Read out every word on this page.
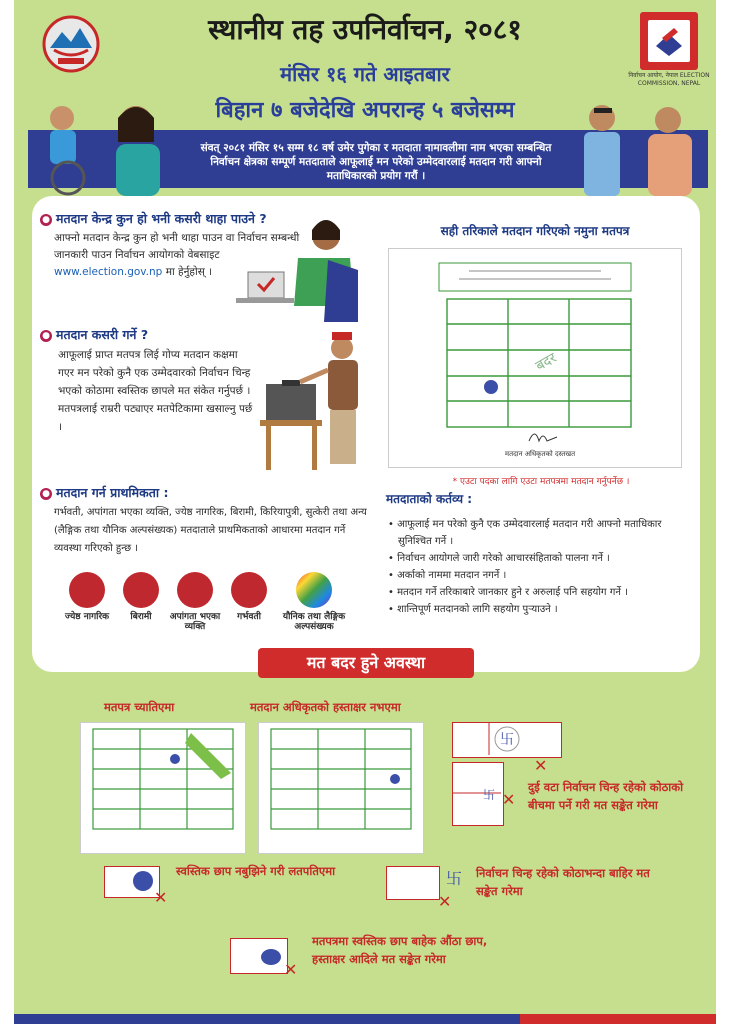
स्थानीय तह उपनिर्वाचन, २०८१
मंसिर १६ गते आइतबार
बिहान ७ बजेदेखि अपरान्ह ५ बजेसम्म
निर्वाचन आयोग, नेपाल ELECTION COMMISSION, NEPAL
संवत् २०८१ मंसिर १५ सम्म १८ वर्ष उमेर पुगेका र मतदाता नामावलीमा नाम भएका सम्बन्धित निर्वाचन क्षेत्रका सम्पूर्ण मतदाताले आफूलाई मन परेको उम्मेदवारलाई मतदान गरी आफ्नो मताधिकारको प्रयोग गरौं ।
● मतदान केन्द्र कुन हो भनी कसरी थाहा पाउने ?
आफ्नो मतदान केन्द्र कुन हो भनी थाहा पाउन वा निर्वाचन सम्बन्धी जानकारी पाउन निर्वाचन आयोगको वेबसाइट www.election.gov.np मा हेर्नुहोस् ।
● मतदान कसरी गर्ने ?
आफूलाई प्राप्त मतपत्र लिई गोप्य मतदान कक्षमा गएर मन परेको कुनै एक उम्मेदवारको निर्वाचन चिन्ह भएको कोठामा स्वस्तिक छापले मत संकेत गर्नुपर्छ । मतपत्रलाई राम्ररी पट्याएर मतपेटिकामा खसाल्नु पर्छ ।
● मतदान गर्न प्राथमिकता :
गर्भवती, अपांगता भएका व्यक्ति, ज्येष्ठ नागरिक, बिरामी, किरियापुत्री, सुत्केरी तथा अन्य (लैङ्गिक तथा यौनिक अल्पसंख्यक) मतदाताले प्राथमिकताको आधारमा मतदान गर्ने व्यवस्था गरिएको हुन्छ ।
ज्येष्ठ नागरिक	बिरामी	अपांगता भएका व्यक्ति
गर्भवती	यौनिक तथा लैङ्गिक अल्पसंख्यक
सही तरिकाले मतदान गरिएको नमुना मतपत्र
बदर
मतदान अधिकृतको दस्तखत
* एउटा पदका लागि एउटा मतपत्रमा मतदान गर्नुपर्नेछ ।
मतदाताको कर्तव्य :
• आफूलाई मन परेको कुनै एक उम्मेदवारलाई मतदान गरी आफ्नो मताधिकार सुनिश्चित गर्ने ।
• निर्वाचन आयोगले जारी गरेको आचारसंहिताको पालना गर्ने ।
• अर्काको नाममा मतदान नगर्ने ।
• मतदान गर्ने तरिकाबारे जानकार हुने र अरुलाई पनि सहयोग गर्ने ।
• शान्तिपूर्ण मतदानको लागि सहयोग पुर्‍याउने ।
मत बदर हुने अवस्था
मतपत्र च्यातिएमा	मतदान अधिकृतको हस्ताक्षर नभएमा
卐
✕
卐 ✕
दुई वटा निर्वाचन चिन्ह रहेको कोठाको बीचमा पर्ने गरी मत सङ्केत गरेमा
✕
स्वस्तिक छाप नबुझिने गरी लतपतिएमा	卐
✕
निर्वाचन चिन्ह रहेको कोठाभन्दा बाहिर मत सङ्केत गरेमा
✕
मतपत्रमा स्वस्तिक छाप बाहेक औंठा छाप, हस्ताक्षर आदिले मत सङ्केत गरेमा
